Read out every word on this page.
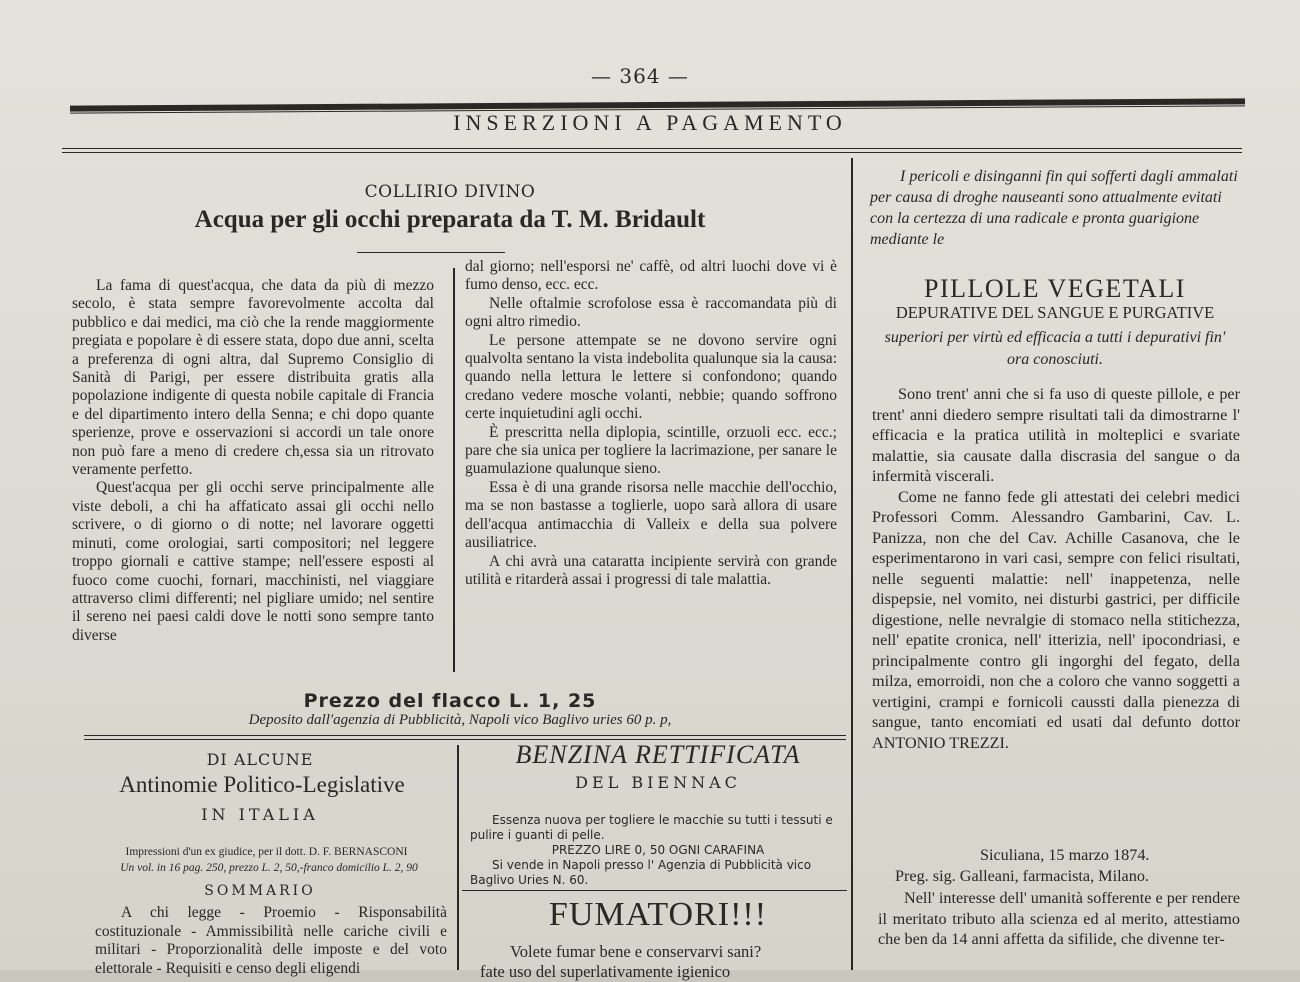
— 364 —
INSERZIONI A PAGAMENTO
COLLIRIO DIVINO
Acqua per gli occhi preparata da T. M. Bridault

La fama di quest'acqua, che data da più di mezzo secolo, è stata sempre favorevolmente accolta dal pubblico e dai medici, ma ciò che la rende maggiormente pregiata e popolare è di essere stata, dopo due anni, scelta a preferenza di ogni altra, dal Supremo Consiglio di Sanità di Parigi, per essere distribuita gratis alla popolazione indigente di questa nobile capitale di Francia e del dipartimento intero della Senna; e chi dopo quante sperienze, prove e osservazioni si accordi un tale onore non può fare a meno di credere ch,essa sia un ritrovato veramente perfetto.

Quest'acqua per gli occhi serve principalmente alle viste deboli, a chi ha affaticato assai gli occhi nello scrivere, o di giorno o di notte; nel lavorare oggetti minuti, come orologiai, sarti compositori; nel leggere troppo giornali e cattive stampe; nell'essere esposti al fuoco come cuochi, fornari, macchinisti, nel viaggiare attraverso climi differenti; nel pigliare umido; nel sentire il sereno nei paesi caldi dove le notti sono sempre tanto diverse

dal giorno; nell'esporsi ne' caffè, od altri luochi dove vi è fumo denso, ecc. ecc.

Nelle oftalmie scrofolose essa è raccomandata più di ogni altro rimedio.

Le persone attempate se ne dovono servire ogni qualvolta sentano la vista indebolita qualunque sia la causa: quando nella lettura le lettere si confondono; quando credano vedere mosche volanti, nebbie; quando soffrono certe inquietudini agli occhi.

È prescritta nella diplopia, scintille, orzuoli ecc. ecc.; pare che sia unica per togliere la lacrimazione, per sanare le guamulazione qualunque sieno.

Essa è di una grande risorsa nelle macchie dell'occhio, ma se non bastasse a toglierle, uopo sarà allora di usare dell'acqua antimacchia di Valleix e della sua polvere ausiliatrice.

A chi avrà una cataratta incipiente servirà con grande utilità e ritarderà assai i progressi di tale malattia.

Prezzo del flacco L. 1, 25
Deposito dall'agenzia di Pubblicità, Napoli vico Baglivo uries 60 p. p,
I pericoli e disinganni fin qui sofferti dagli ammalati per causa di droghe nauseanti sono attualmente evitati con la certezza di una radicale e pronta guarigione mediante le
PILLOLE VEGETALI
DEPURATIVE DEL SANGUE E PURGATIVE
superiori per virtù ed efficacia a tutti i depurativi fin' ora conosciuti.

Sono trent' anni che si fa uso di queste pillole, e per trent' anni diedero sempre risultati tali da dimostrarne l' efficacia e la pratica utilità in molteplici e svariate malattie, sia causate dalla discrasia del sangue o da infermità viscerali.

Come ne fanno fede gli attestati dei celebri medici Professori Comm. Alessandro Gambarini, Cav. L. Panizza, non che del Cav. Achille Casanova, che le esperimentarono in vari casi, sempre con felici risultati, nelle seguenti malattie: nell' inappetenza, nelle dispepsie, nel vomito, nei disturbi gastrici, per difficile digestione, nelle nevralgie di stomaco nella stitichezza, nell' epatite cronica, nell' itterizia, nell' ipocondriasi, e principalmente contro gli ingorghi del fegato, della milza, emorroidi, non che a coloro che vanno soggetti a vertigini, crampi e fornicoli caussti dalla pienezza di sangue, tanto encomiati ed usati dal defunto dottor ANTONIO TREZZI.

Siculiana, 15 marzo 1874.
Preg. sig. Galleani, farmacista, Milano.
Nell' interesse dell' umanità sofferente e per rendere il meritato tributo alla scienza ed al merito, attestiamo che ben da 14 anni affetta da sifilide, che divenne ter-
DI ALCUNE
Antinomie Politico-Legislative
IN ITALIA
Impressioni d'un ex giudice, per il dott. D. F. BERNASCONI
Un vol. in 16 pag. 250, prezzo L. 2, 50,-franco domicilio L. 2, 90
SOMMARIO
A chi legge - Proemio - Risponsabilità costituzionale - Ammissibilità nelle cariche civili e militari - Proporzionalità delle imposte e del voto elettorale - Requisiti e censo degli eligendi
BENZINA RETTIFICATA
DEL BIENNAC
Essenza nuova per togliere le macchie su tutti i tessuti e pulire i guanti di pelle.
PREZZO LIRE 0, 50 OGNI CARAFINA
Si vende in Napoli presso l' Agenzia di Pubblicità vico Baglivo Uries N. 60.
FUMATORI!!!
Volete fumar bene e conservarvi sani?
fate uso del superlativamente igienico
